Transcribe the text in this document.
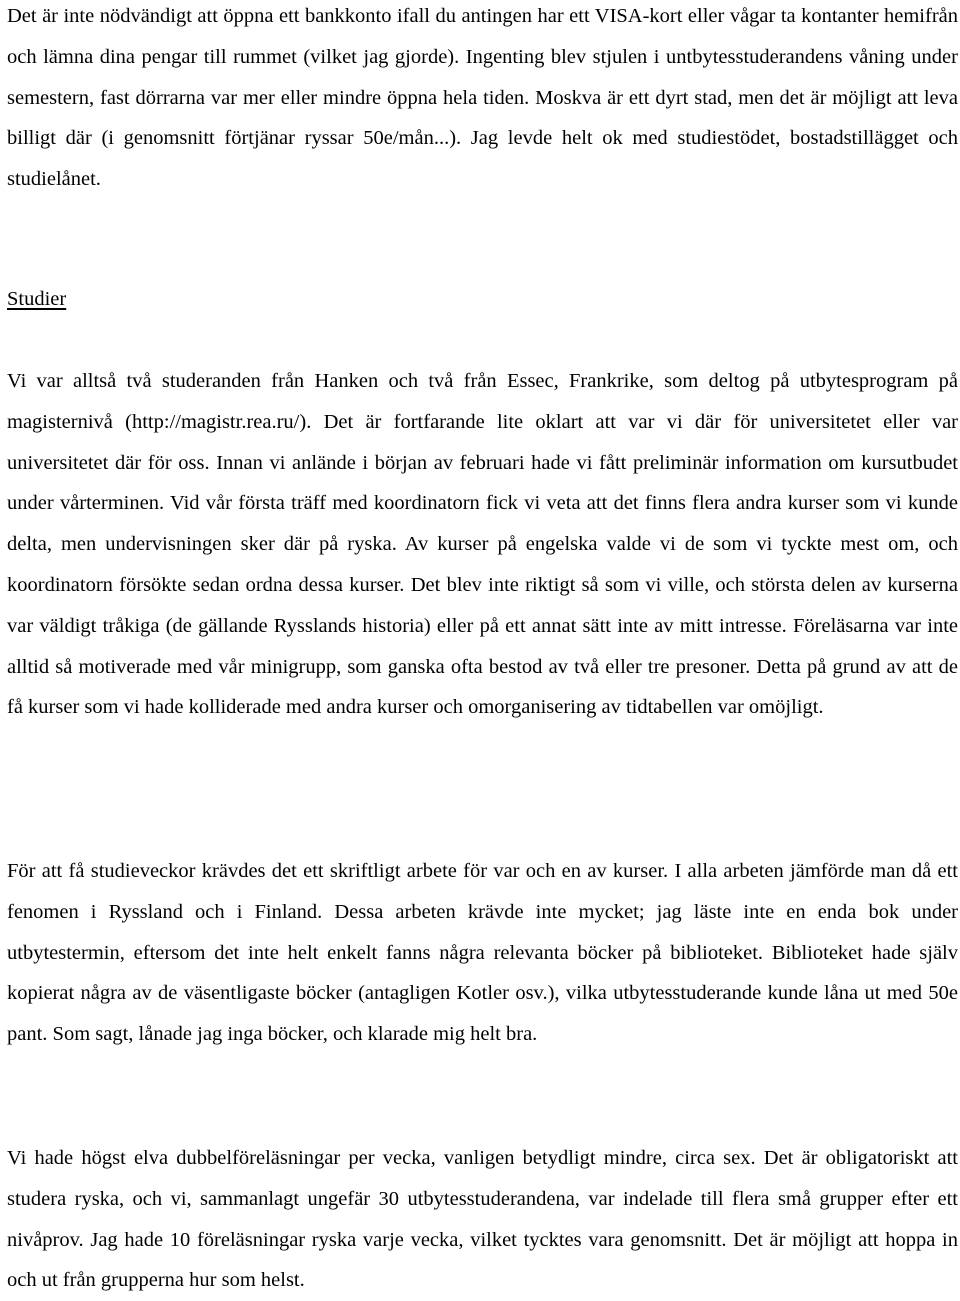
Det är inte nödvändigt att öppna ett bankkonto ifall du antingen har ett VISA-kort eller vågar ta kontanter hemifrån och lämna dina pengar till rummet (vilket jag gjorde). Ingenting blev stjulen i untbytesstuderandens våning under semestern, fast dörrarna var mer eller mindre öppna hela tiden. Moskva är ett dyrt stad, men det är möjligt att leva billigt där (i genomsnitt förtjänar ryssar 50e/mån...). Jag levde helt ok med studiestödet, bostadstillägget och studielånet.

Studier

Vi var alltså två studeranden från Hanken och två från Essec, Frankrike, som deltog på utbytesprogram på magisternivå (http://magistr.rea.ru/). Det är fortfarande lite oklart att var vi där för universitetet eller var universitetet där för oss. Innan vi anlände i början av februari hade vi fått preliminär information om kursutbudet under vårterminen. Vid vår första träff med koordinatorn fick vi veta att det finns flera andra kurser som vi kunde delta, men undervisningen sker där på ryska. Av kurser på engelska valde vi de som vi tyckte mest om, och koordinatorn försökte sedan ordna dessa kurser. Det blev inte riktigt så som vi ville, och största delen av kurserna var väldigt tråkiga (de gällande Rysslands historia) eller på ett annat sätt inte av mitt intresse. Föreläsarna var inte alltid så motiverade med vår minigrupp, som ganska ofta bestod av två eller tre presoner. Detta på grund av att de få kurser som vi hade kolliderade med andra kurser och omorganisering av tidtabellen var omöjligt.

För att få studieveckor krävdes det ett skriftligt arbete för var och en av kurser. I alla arbeten jämförde man då ett fenomen i Ryssland och i Finland. Dessa arbeten krävde inte mycket; jag läste inte en enda bok under utbytestermin, eftersom det inte helt enkelt fanns några relevanta böcker på biblioteket. Biblioteket hade själv kopierat några av de väsentligaste böcker (antagligen Kotler osv.), vilka utbytesstuderande kunde låna ut med 50e pant. Som sagt, lånade jag inga böcker, och klarade mig helt bra.

Vi hade högst elva dubbelföreläsningar per vecka, vanligen betydligt mindre, circa sex. Det är obligatoriskt att studera ryska, och vi, sammanlagt ungefär 30 utbytesstuderandena, var indelade till flera små grupper efter ett nivåprov. Jag hade 10 föreläsningar ryska varje vecka, vilket tycktes vara genomsnitt. Det är möjligt att hoppa in och ut från grupperna hur som helst.
